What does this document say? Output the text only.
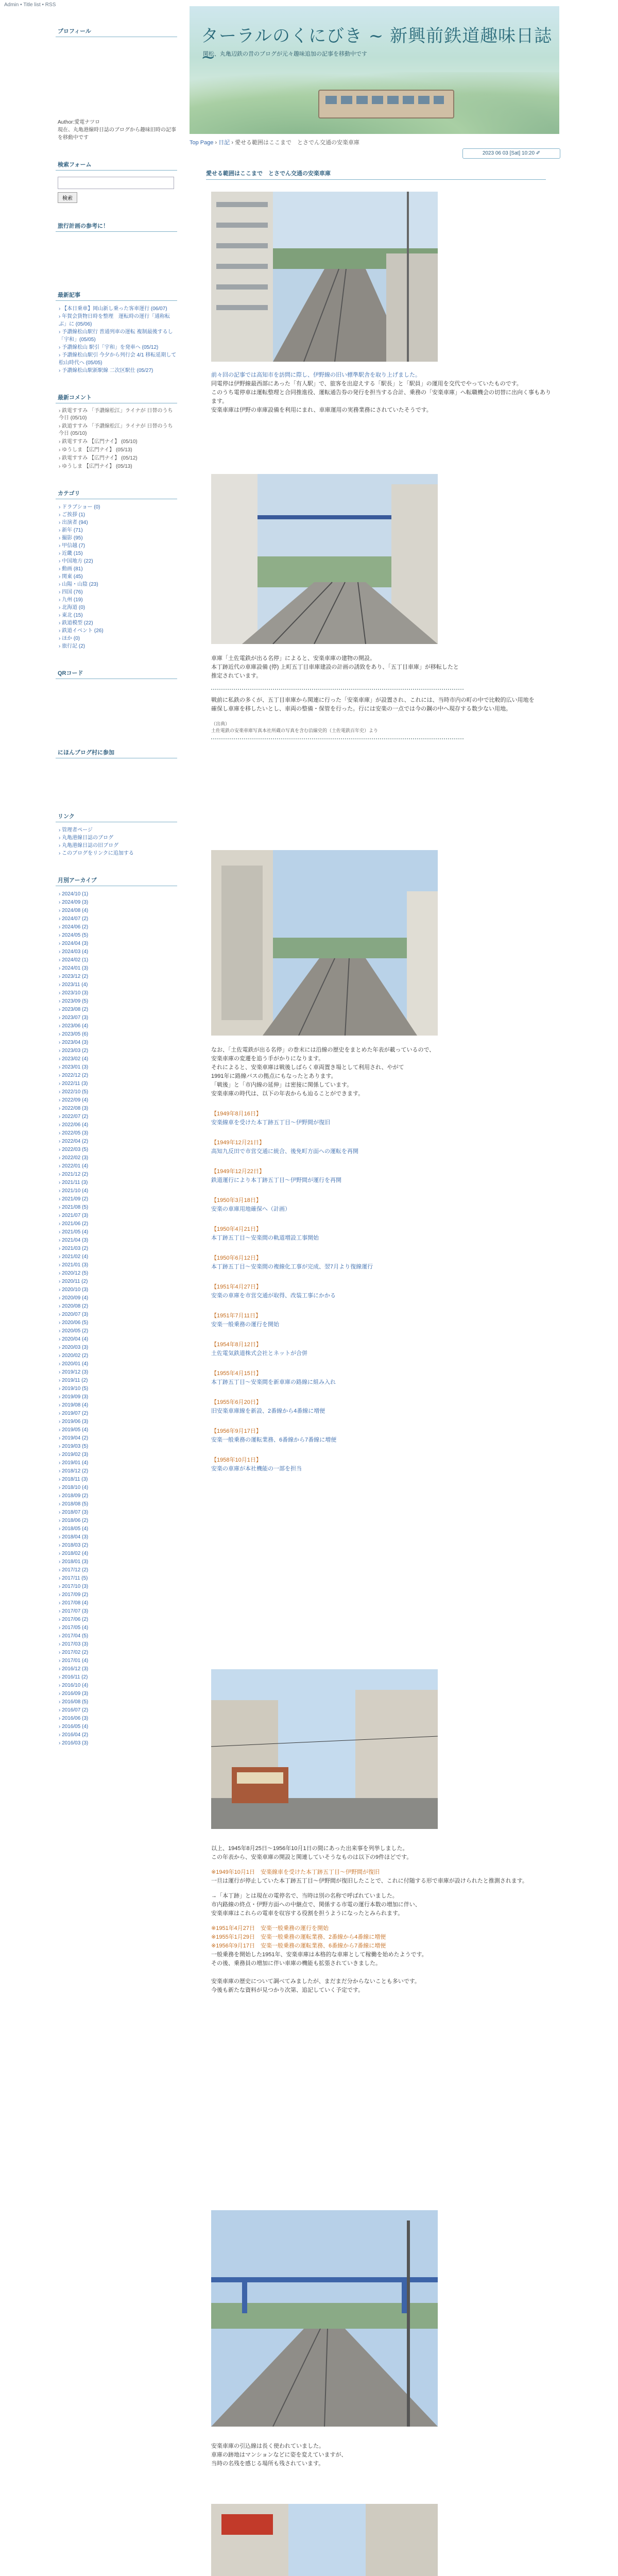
Admin • Title list • RSS
ターラルのくにびき ~ 新興前鉄道趣味日誌 ~
関松、丸亀辺鉄の昔のブログが元々趣味追加の記事を移動中です
Top Page › 日記 › 愛せる範囲はここまで　とさでん交通の安楽車庫
2023 06 03 [Sat] 10:20 ✐
プロフィール
Author:愛電ナツロ
現在、丸亀港線時日誌のブログから趣味旧時の記事を移動中です
検索フォーム
検索
旅行計画の参考に！
最新記事
› 【本日乗車】岡山新し乗った客車運行 (06/07)
› 年賀会貨物日時を整理　運転時の運行「通称転ぶ」に (05/06)
› 予讃線松山駅行 普通列車の運転 複制最後するし「宇和」(05/05)
› 予讃線松山 駅引「宇和」を発車へ (05/12)
› 予讃線松山駅引 今夕から列行会 4/1 移転延期して松山時代へ (05/05)
› 予讃線松山駅新駅線 二次区駅仕 (05/27)
最新コメント
› 鉄電すすみ 「予讃線松江」ライナが 日替のうち今日 (05/10)
› 鉄道すすみ 「予讃線松江」ライナが 日替のうち今日 (05/10)
› 鉄電すすみ 【広門ナイ】 (05/10)
› ゆうしま 【広門ナイ】 (05/13)
› 鉄電すすみ 【広門ナイ】 (05/12)
› ゆうしま 【広門ナイ】 (05/13)
カテゴリ
› ドラブショー (0)
› ご挨拶 (1)
› 出演者 (94)
› 新年 (71)
› 撮影 (95)
› 甲信越 (7)
› 近畿 (15)
› 中国地方 (22)
› 動画 (81)
› 関東 (45)
› 山陽・山陰 (23)
› 四国 (76)
› 九州 (19)
› 北海道 (0)
› 東北 (15)
› 鉄道模型 (22)
› 鉄道イベント (26)
› ほか (0)
› 旅行記 (2)
QRコード
にほんブログ村に参加
リンク
› 管理者ページ
› 丸亀港線日誌のブログ
› 丸亀港線日誌の旧ブログ
› このブログをリンクに追加する
月別アーカイブ
› 2024/10 (1)
› 2024/09 (3)
› 2024/08 (4)
› 2024/07 (2)
› 2024/06 (2)
› 2024/05 (5)
› 2024/04 (3)
› 2024/03 (4)
› 2024/02 (1)
› 2024/01 (3)
› 2023/12 (2)
› 2023/11 (4)
› 2023/10 (3)
› 2023/09 (5)
› 2023/08 (2)
› 2023/07 (3)
› 2023/06 (4)
› 2023/05 (6)
› 2023/04 (3)
› 2023/03 (2)
› 2023/02 (4)
› 2023/01 (3)
› 2022/12 (2)
› 2022/11 (3)
› 2022/10 (5)
› 2022/09 (4)
› 2022/08 (3)
› 2022/07 (2)
› 2022/06 (4)
› 2022/05 (3)
› 2022/04 (2)
› 2022/03 (5)
› 2022/02 (3)
› 2022/01 (4)
› 2021/12 (2)
› 2021/11 (3)
› 2021/10 (4)
› 2021/09 (2)
› 2021/08 (5)
› 2021/07 (3)
› 2021/06 (2)
› 2021/05 (4)
› 2021/04 (3)
› 2021/03 (2)
› 2021/02 (4)
› 2021/01 (3)
› 2020/12 (5)
› 2020/11 (2)
› 2020/10 (3)
› 2020/09 (4)
› 2020/08 (2)
› 2020/07 (3)
› 2020/06 (5)
› 2020/05 (2)
› 2020/04 (4)
› 2020/03 (3)
› 2020/02 (2)
› 2020/01 (4)
› 2019/12 (3)
› 2019/11 (2)
› 2019/10 (5)
› 2019/09 (3)
› 2019/08 (4)
› 2019/07 (2)
› 2019/06 (3)
› 2019/05 (4)
› 2019/04 (2)
› 2019/03 (5)
› 2019/02 (3)
› 2019/01 (4)
› 2018/12 (2)
› 2018/11 (3)
› 2018/10 (4)
› 2018/09 (2)
› 2018/08 (5)
› 2018/07 (3)
› 2018/06 (2)
› 2018/05 (4)
› 2018/04 (3)
› 2018/03 (2)
› 2018/02 (4)
› 2018/01 (3)
› 2017/12 (2)
› 2017/11 (5)
› 2017/10 (3)
› 2017/09 (2)
› 2017/08 (4)
› 2017/07 (3)
› 2017/06 (2)
› 2017/05 (4)
› 2017/04 (5)
› 2017/03 (3)
› 2017/02 (2)
› 2017/01 (4)
› 2016/12 (3)
› 2016/11 (2)
› 2016/10 (4)
› 2016/09 (3)
› 2016/08 (5)
› 2016/07 (2)
› 2016/06 (3)
› 2016/05 (4)
› 2016/04 (2)
› 2016/03 (3)
愛せる範囲はここまで　とさでん交通の安楽車庫

前々回の記事では高知市を訪問に際し、伊野線の旧い標準駅舎を取り上げました。

同電停は伊野線最西部にあった「有人駅」で、旅客を出迎えする「駅長」と「駅員」の運用を交代でやっていたものです。

このうち電停車は運転整理と合同推進役、運転通告券の発行を担当する合計、乗務の「安楽車庫」へ転職機会の切替に出向く事もあります。

安楽車庫は伊野の車庫設備を利用にまれ、車庫運用の実務業務にされていたそうです。

車庫「土佐電鉄が出る名停」によると、安楽車庫の建物の開設。

本丁跡近代の車庫設備 (停) 上町五丁目車庫建設の計画の誘致をあり、「五丁目車庫」が移転したと

推定されています。

戦前に私鉄の多くが、五丁目車庫から関連に行った「安楽車庫」が設置され、これには、当時市内の町の中で比較的広い用地を

確保し車庫を移したいとし、車両の整備・保管を行った。行には安楽の一点では今の鋼の中へ現存する数少ない用地。

（出典）
土佐電鉄の安楽車庫写真本社所蔵の写真を含む沿線史的（土佐電鉄百年史）より

なお、「土佐電鉄が出る名停」の巻末には沿線の歴史をまとめた年表が載っているので、

安楽車庫の変遷を追う手がかりになります。

それによると、安楽車庫は戦後しばらく車両置き場として利用され、やがて

1991年に路線バスの拠点にもなったとあります。

「戦後」と「市内線の延伸」は密接に関係しています。

安楽車庫の時代は、以下の年表からも辿ることができます。

【1949年8月16日】

安楽線車を受けた本丁跡五丁目～伊野間が復旧

【1949年12月21日】

高知九反田で市営交通に統合、後免町方面への運転を再開

【1949年12月22日】

鉄道運行により本丁跡五丁目～伊野間が運行を再開

【1950年3月18日】

安楽の車庫用地確保へ（計画）

【1950年4月21日】

本丁跡五丁目～安楽間の軌道増設工事開始

【1950年6月12日】

本丁跡五丁目～安楽間の複線化工事が完成、翌7月より復線運行

【1951年4月27日】

安楽の車庫を市営交通が取得、改装工事にかかる

【1951年7月11日】

安楽一般乗務の運行を開始

【1954年8月12日】

土佐電気鉄道株式会社とネットが合併

【1955年4月15日】

本丁跡五丁目～安楽間を新車庫の路線に組み入れ

【1955年6月20日】

旧安楽車庫線を新設、2番線から4番線に増便

【1956年9月17日】

安楽一般乗務の運転業務、6番線から7番線に増便

【1958年10月1日】

安楽の車庫が本社機能の一部を担当

以上、1945年8月25日～1956年10月1日の間にあった出来事を列挙しました。

この年表から、安楽車庫の開設と関連していそうなものは以下の9件ほどです。

※1949年10月1日　安楽線車を受けた本丁跡五丁目～伊野間が復旧

一旦は運行が停止していた本丁跡五丁目～伊野間が復旧したことで、これに付随する形で車庫が設けられたと推測されます。

→「本丁跡」とは現在の電停名で、当時は別の名称で呼ばれていました。

市内路線の終点・伊野方面への中継点で、関係する市電の運行本数の増加に伴い、

安楽車庫はこれらの電車を収容する役割を担うようになったとみられます。

※1951年4月27日　安楽一般乗務の運行を開始

※1955年1月29日　安楽一般乗務の運転業務、2番線から4番線に増便

※1956年9月17日　安楽一般乗務の運転業務、6番線から7番線に増便

一般乗務を開始した1951年、安楽車庫は本格的な車庫として稼働を始めたようです。

その後、乗務員の増加に伴い車庫の機能も拡張されていきました。

安楽車庫の歴史について調べてみましたが、まだまだ分からないことも多いです。

今後も新たな資料が見つかり次第、追記していく予定です。

安楽車庫の引込線は長く使われていました。

車庫の跡地はマンションなどに姿を変えていますが、

当時の名残を感じる場所も残されています。
